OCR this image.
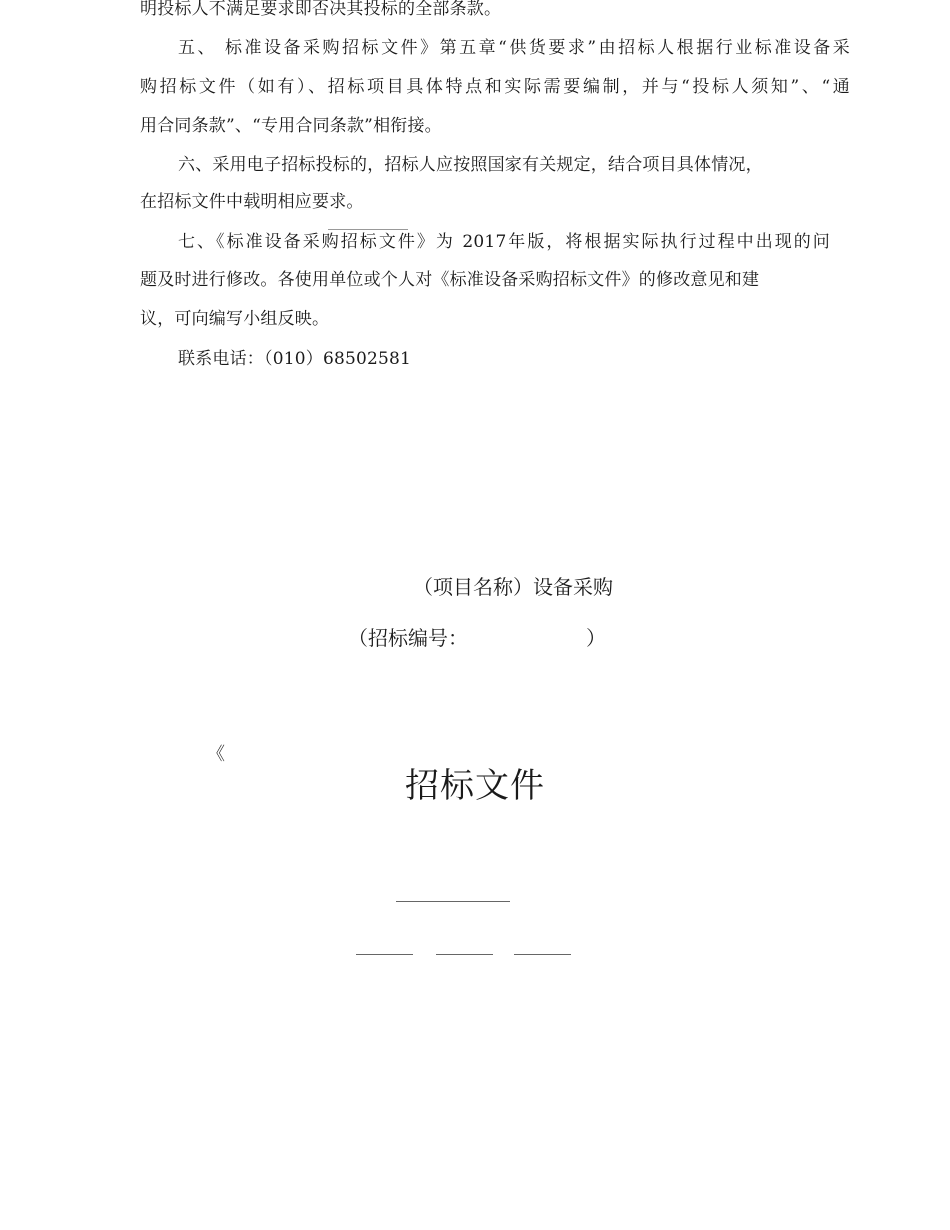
明投标人不满足要求即否决其投标的全部条款。
五、 标准设备采购招标文件》第五章“供货要求”由招标人根据行业标准设备采
购招标文件（如有）、招标项目具体特点和实际需要编制，并与“投标人须知”、“通
用合同条款”、“专用合同条款”相衔接。
六、采用电子招标投标的，招标人应按照国家有关规定，结合项目具体情况，
在招标文件中载明相应要求。
七、《标准设备采购招标文件》为 2017年版，将根据实际执行过程中出现的问
题及时进行修改。各使用单位或个人对《标准设备采购招标文件》的修改意见和建
议，可向编写小组反映。
联系电话：（010）68502581
（项目名称）设备采购
（招标编号：	）
《
招标文件
